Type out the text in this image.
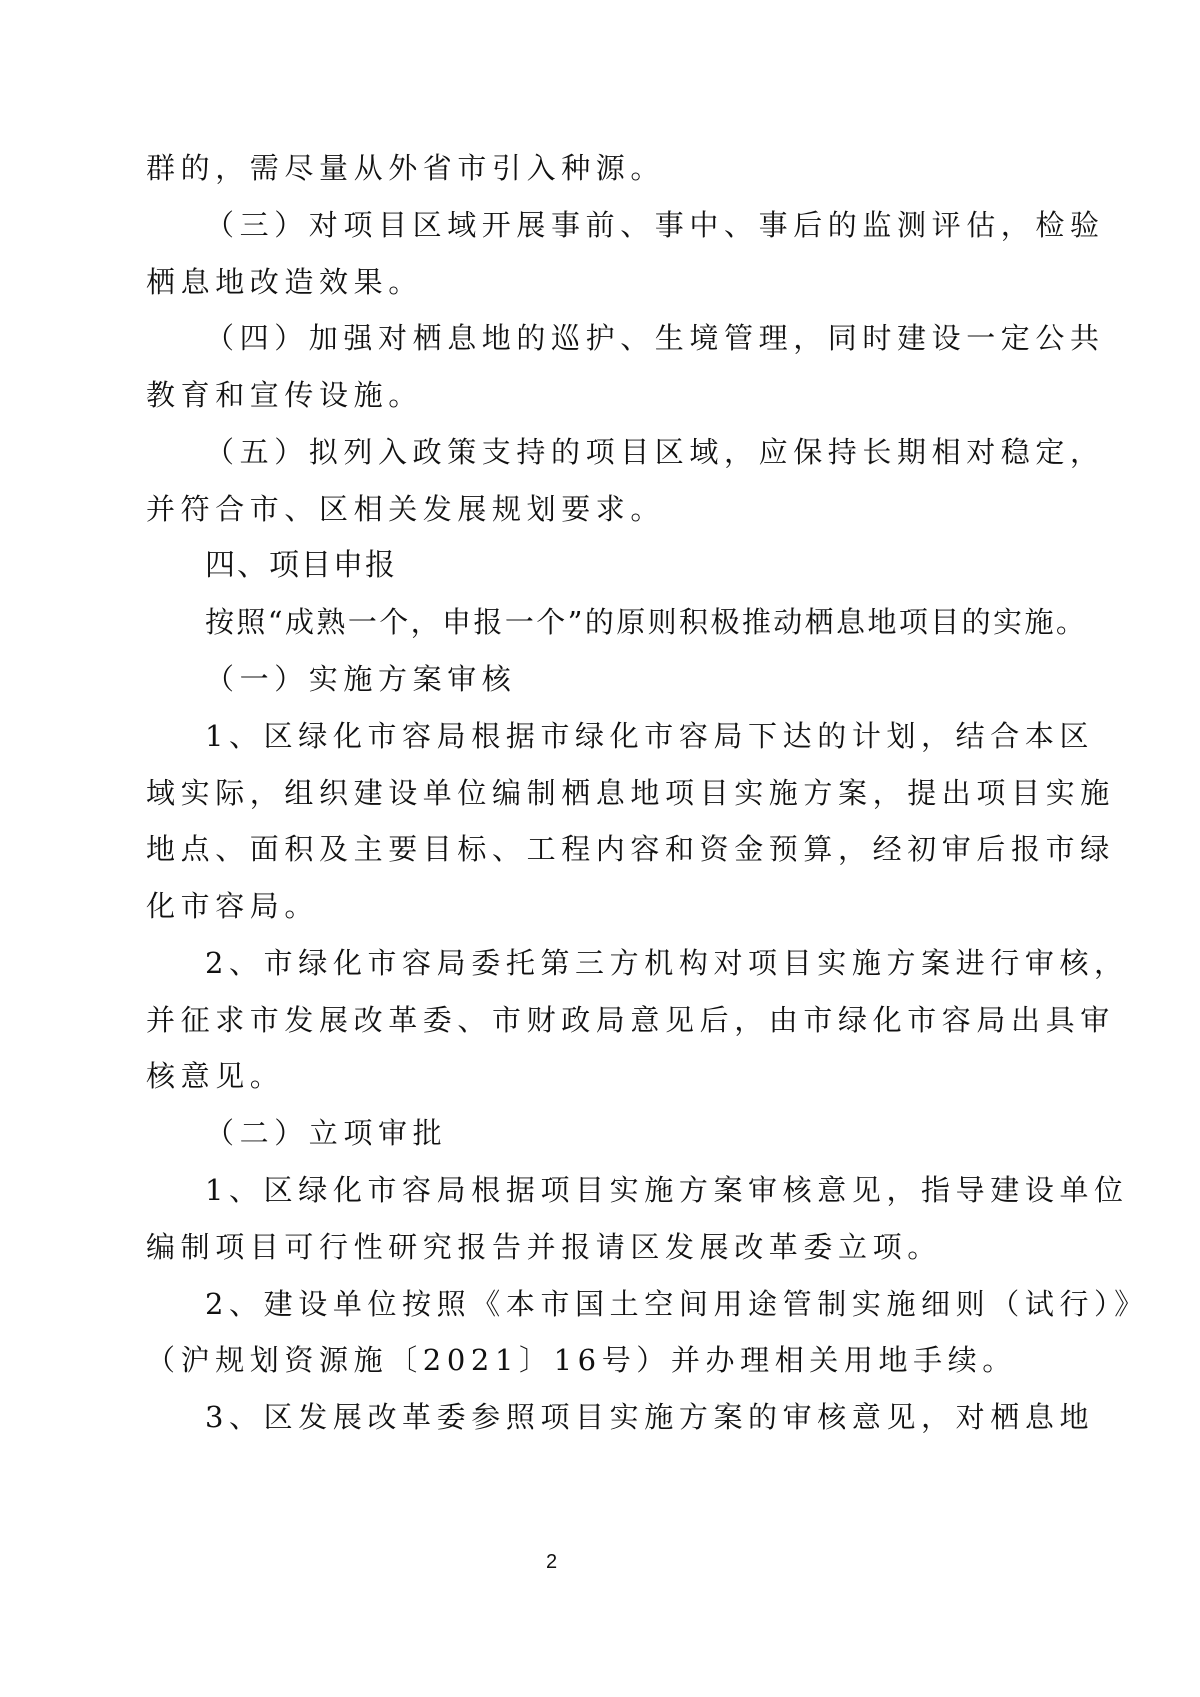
群的，需尽量从外省市引入种源。
（三）对项目区域开展事前、事中、事后的监测评估，检验
栖息地改造效果。
（四）加强对栖息地的巡护、生境管理，同时建设一定公共
教育和宣传设施。
（五）拟列入政策支持的项目区域，应保持长期相对稳定，
并符合市、区相关发展规划要求。
四、项目申报
按照“成熟一个，申报一个”的原则积极推动栖息地项目的实施。
（一）实施方案审核
1、区绿化市容局根据市绿化市容局下达的计划，结合本区
域实际，组织建设单位编制栖息地项目实施方案，提出项目实施
地点、面积及主要目标、工程内容和资金预算，经初审后报市绿
化市容局。
2、市绿化市容局委托第三方机构对项目实施方案进行审核，
并征求市发展改革委、市财政局意见后，由市绿化市容局出具审
核意见。
（二）立项审批
1、区绿化市容局根据项目实施方案审核意见，指导建设单位
编制项目可行性研究报告并报请区发展改革委立项。
2、建设单位按照《本市国土空间用途管制实施细则（试行）》
（沪规划资源施〔2021〕16号）并办理相关用地手续。
3、区发展改革委参照项目实施方案的审核意见，对栖息地
2
